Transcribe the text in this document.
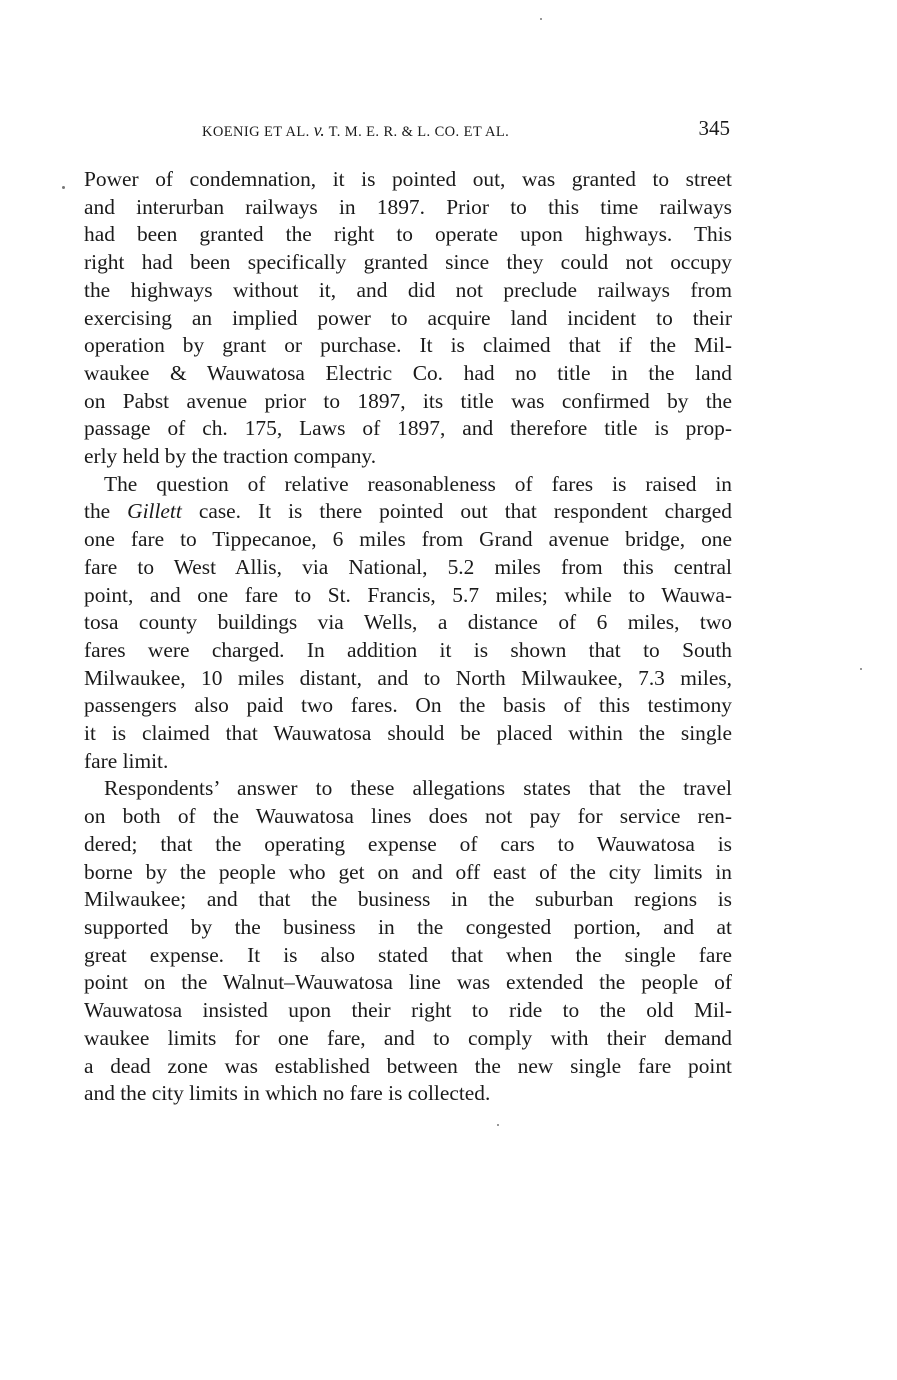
KOENIG ET AL. v. T. M. E. R. & L. CO. ET AL.	345
Power of condemnation, it is pointed out, was granted to street
and interurban railways in 1897. Prior to this time railways
had been granted the right to operate upon highways. This
right had been specifically granted since they could not occupy
the highways without it, and did not preclude railways from
exercising an implied power to acquire land incident to their
operation by grant or purchase. It is claimed that if the Mil-
waukee & Wauwatosa Electric Co. had no title in the land
on Pabst avenue prior to 1897, its title was confirmed by the
passage of ch. 175, Laws of 1897, and therefore title is prop-
erly held by the traction company.
The question of relative reasonableness of fares is raised in
the Gillett case. It is there pointed out that respondent charged
one fare to Tippecanoe, 6 miles from Grand avenue bridge, one
fare to West Allis, via National, 5.2 miles from this central
point, and one fare to St. Francis, 5.7 miles; while to Wauwa-
tosa county buildings via Wells, a distance of 6 miles, two
fares were charged. In addition it is shown that to South
Milwaukee, 10 miles distant, and to North Milwaukee, 7.3 miles,
passengers also paid two fares. On the basis of this testimony
it is claimed that Wauwatosa should be placed within the single
fare limit.
Respondents’ answer to these allegations states that the travel
on both of the Wauwatosa lines does not pay for service ren-
dered; that the operating expense of cars to Wauwatosa is
borne by the people who get on and off east of the city limits in
Milwaukee; and that the business in the suburban regions is
supported by the business in the congested portion, and at
great expense. It is also stated that when the single fare
point on the Walnut–Wauwatosa line was extended the people of
Wauwatosa insisted upon their right to ride to the old Mil-
waukee limits for one fare, and to comply with their demand
a dead zone was established between the new single fare point
and the city limits in which no fare is collected.
